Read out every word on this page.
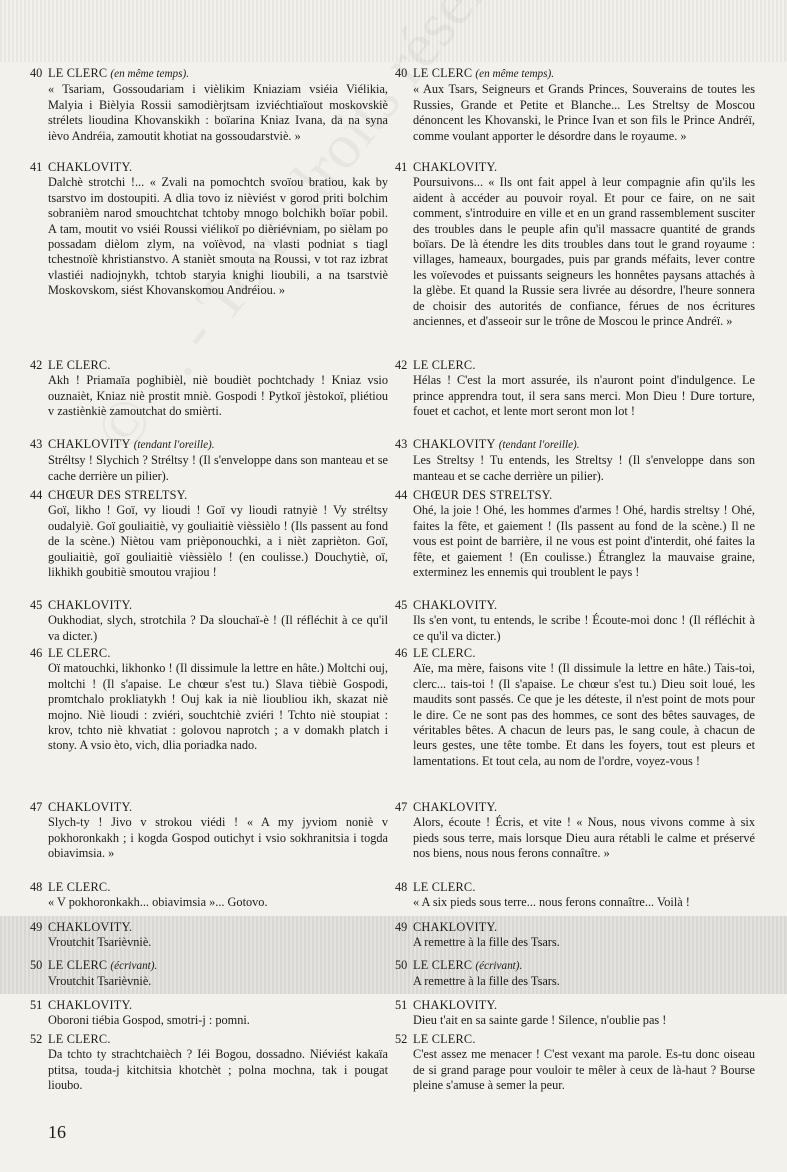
40 LE CLERC (en même temps).
« Tsariam, Gossoudariam i vièlikim Kniaziam vsiéia Viélikia, Malyia i Bièlyia Rossii samodièrjtsam izviéchtiaïout moskovskiè strélets lioudina Khovanskikh : boïarina Kniaz Ivana, da na syna ièvo Andréia, zamoutit khotiat na gossoudarstviè. »
41 CHAKLOVITY.
Dalchè strotchi !... « Zvali na pomochtch svoïou bratiou, kak by tsarstvo im dostoupiti. A dlia tovo iz nièviést v gorod priti bolchim sobranièm narod smouchtchat tchtoby mnogo bolchikh boïar pobil. A tam, moutit vo vsiéi Roussi viélikoï po dièriévniam, po sièlam po possadam dièlom zlym, na voïèvod, na vlasti podniat s tiagl tchestnoïè khristianstvo. A stanièt smouta na Roussi, v tot raz izbrat vlastiéi nadiojnykh, tchtob staryia knighi lioubili, a na tsarstviè Moskovskom, siést Khovanskomou Andréiou. »
42 LE CLERC.
Akh ! Priamaïa poghibièl, niè boudièt pochtchady ! Kniaz vsio ouznaièt, Kniaz niè prostit mniè. Gospodi ! Pytkoï jèstokoï, pliétiou v zastiènkiè zamoutchat do smièrti.
43 CHAKLOVITY (tendant l'oreille).
Stréltsy ! Slychich ? Stréltsy ! (Il s'enveloppe dans son manteau et se cache derrière un pilier).
44 CHŒUR DES STRELTSY.
Goï, likho ! Goï, vy lioudi ! Goï vy lioudi ratnyiè ! Vy stréltsy oudalyiè. Goï gouliaitiè, vy gouliaitiè vièssièlo ! (Ils passent au fond de la scène.) Niètou vam prièponouchki, a i nièt zaprièton. Goï, gouliaitiè, goï gouliaitiè vièssièlo ! (en coulisse.) Douchytiè, oï, likhikh goubitiè smoutou vrajiou !
45 CHAKLOVITY.
Oukhodiat, slych, strotchila ? Da slouchaï-è ! (Il réfléchit à ce qu'il va dicter.)
46 LE CLERC.
Oï matouchki, likhonko ! (Il dissimule la lettre en hâte.) Moltchi ouj, moltchi ! (Il s'apaise. Le chœur s'est tu.) Slava tièbiè Gospodi, promtchalo prokliatykh ! Ouj kak ia niè lioubliou ikh, skazat niè mojno. Niè lioudi : zviéri, souchtchiè zviéri ! Tchto niè stoupiat : krov, tchto niè khvatiat : golovou naprotch ; a v domakh platch i stony. A vsio èto, vich, dlia poriadka nado.
47 CHAKLOVITY.
Slych-ty ! Jivo v strokou viédi ! « A my jyviom noniè v pokhoronkakh ; i kogda Gospod outichyt i vsio sokhranitsia i togda obiavimsia. »
48 LE CLERC.
« V pokhoronkakh... obiavimsia »... Gotovo.
49 CHAKLOVITY.
Vroutchit Tsarièvniè.
50 LE CLERC (écrivant).
Vroutchit Tsarièvniè.
51 CHAKLOVITY.
Oboroni tiébia Gospod, smotri-j : pomni.
52 LE CLERC.
Da tchto ty strachtchaièch ? Iéi Bogou, dossadno. Niéviést kakaïa ptitsa, touda-j kitchitsia khotchèt ; polna mochna, tak i pougat lioubo.
40 LE CLERC (en même temps).
« Aux Tsars, Seigneurs et Grands Princes, Souverains de toutes les Russies, Grande et Petite et Blanche... Les Streltsy de Moscou dénoncent les Khovanski, le Prince Ivan et son fils le Prince Andréï, comme voulant apporter le désordre dans le royaume. »
41 CHAKLOVITY.
Poursuivons... « Ils ont fait appel à leur compagnie afin qu'ils les aident à accéder au pouvoir royal. Et pour ce faire, on ne sait comment, s'introduire en ville et en un grand rassemblement susciter des troubles dans le peuple afin qu'il massacre quantité de grands boïars. De là étendre les dits troubles dans tout le grand royaume : villages, hameaux, bourgades, puis par grands méfaits, lever contre les voïevodes et puissants seigneurs les honnêtes paysans attachés à la glèbe. Et quand la Russie sera livrée au désordre, l'heure sonnera de choisir des autorités de confiance, férues de nos écritures anciennes, et d'asseoir sur le trône de Moscou le prince Andréï. »
42 LE CLERC.
Hélas ! C'est la mort assurée, ils n'auront point d'indulgence. Le prince apprendra tout, il sera sans merci. Mon Dieu ! Dure torture, fouet et cachot, et lente mort seront mon lot !
43 CHAKLOVITY (tendant l'oreille).
Les Streltsy ! Tu entends, les Streltsy ! (Il s'enveloppe dans son manteau et se cache derrière un pilier).
44 CHŒUR DES STRELTSY.
Ohé, la joie ! Ohé, les hommes d'armes ! Ohé, hardis streltsy ! Ohé, faites la fête, et gaiement ! (Ils passent au fond de la scène.) Il ne vous est point de barrière, il ne vous est point d'interdit, ohé faites la fête, et gaiement ! (En coulisse.) Étranglez la mauvaise graine, exterminez les ennemis qui troublent le pays !
45 CHAKLOVITY.
Ils s'en vont, tu entends, le scribe ! Écoute-moi donc ! (Il réfléchit à ce qu'il va dicter.)
46 LE CLERC.
Aïe, ma mère, faisons vite ! (Il dissimule la lettre en hâte.) Tais-toi, clerc... tais-toi ! (Il s'apaise. Le chœur s'est tu.) Dieu soit loué, les maudits sont passés. Ce que je les déteste, il n'est point de mots pour le dire. Ce ne sont pas des hommes, ce sont des bêtes sauvages, de véritables bêtes. A chacun de leurs pas, le sang coule, à chacun de leurs gestes, une tête tombe. Et dans les foyers, tout est pleurs et lamentations. Et tout cela, au nom de l'ordre, voyez-vous !
47 CHAKLOVITY.
Alors, écoute ! Écris, et vite ! « Nous, nous vivons comme à six pieds sous terre, mais lorsque Dieu aura rétabli le calme et préservé nos biens, nous nous ferons connaître. »
48 LE CLERC.
« A six pieds sous terre... nous ferons connaître... Voilà !
49 CHAKLOVITY.
A remettre à la fille des Tsars.
50 LE CLERC (écrivant).
A remettre à la fille des Tsars.
51 CHAKLOVITY.
Dieu t'ait en sa sainte garde ! Silence, n'oublie pas !
52 LE CLERC.
C'est assez me menacer ! C'est vexant ma parole. Es-tu donc oiseau de si grand parage pour vouloir te mêler à ceux de là-haut ? Bourse pleine s'amuse à semer la peur.
16
